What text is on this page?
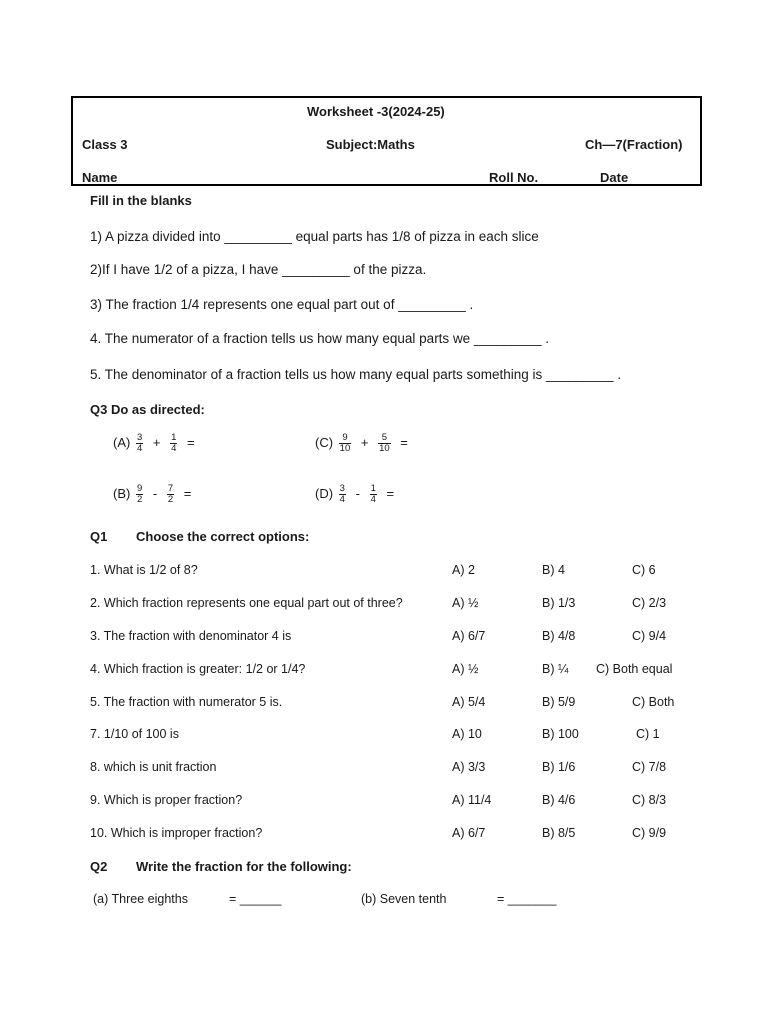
Worksheet -3(2024-25)
Class 3	Subject:Maths	Ch—7(Fraction)
Name	Roll No.	Date
Fill in the blanks
1) A pizza divided into _________ equal parts has 1/8 of pizza in each slice
2)If I have 1/2 of a pizza, I have _________ of the pizza.
3) The fraction 1/4 represents one equal part out of _________ .
4. The numerator of a fraction tells us how many equal parts we _________ .
5. The denominator of a fraction tells us how many equal parts something is _________ .
Q3 Do as directed:
$(A) \frac{3}{4} + \frac{1}{4}$ =	$(C) \frac{9}{10} + \frac{5}{10}$ =
$(B) \frac{9}{2} - \frac{7}{2}$ =	$(D) \frac{3}{4} - \frac{1}{4}$ =
Q1 Choose the correct options:
1. What is 1/2 of 8?	A) 2	B) 4	C) 6
2. Which fraction represents one equal part out of three?	A) ½	B) 1/3	C) 2/3
3. The fraction with denominator 4 is	A) 6/7	B) 4/8	C) 9/4
4. Which fraction is greater: 1/2 or 1/4?	A) ½	B) ¼ C) Both equal
5. The fraction with numerator 5 is.	A) 5/4	B) 5/9	C) Both
7. 1/10 of 100 is	A) 10	B) 100	C) 1
8. which is unit fraction	A) 3/3	B) 1/6	C) 7/8
9. Which is proper fraction?	A) 11/4	B) 4/6	C) 8/3
10. Which is improper fraction?	A) 6/7	B) 8/5	C) 9/9
Q2 Write the fraction for the following:
(a) Three eighths	= ______	(b) Seven tenth	= _______
